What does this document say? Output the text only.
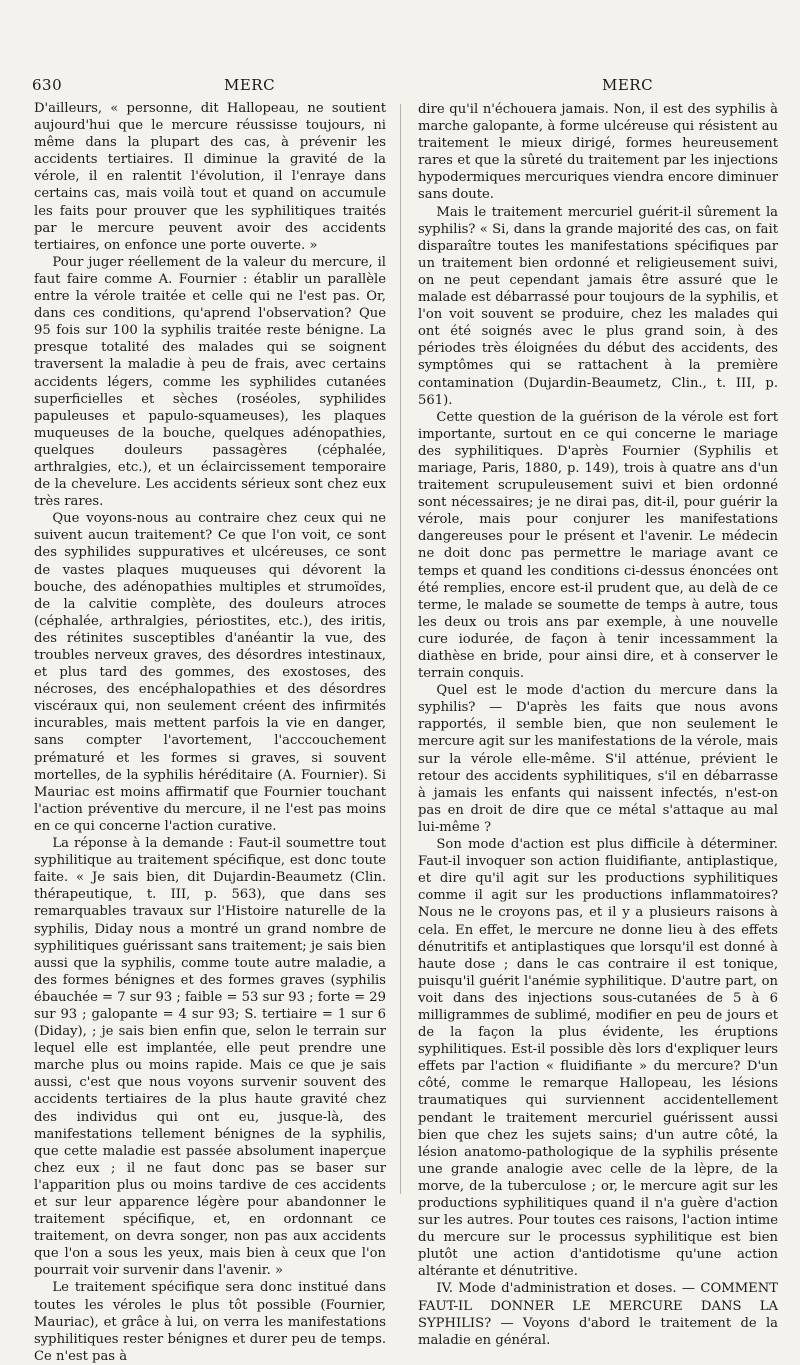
630	MERC	MERC

D'ailleurs, « personne, dit Hallopeau, ne soutient aujourd'hui que le mercure réussisse toujours, ni même dans la plupart des cas, à prévenir les accidents tertiaires. Il diminue la gravité de la vérole, il en ralentit l'évolution, il l'enraye dans certains cas, mais voilà tout et quand on accumule les faits pour prouver que les syphilitiques traités par le mercure peuvent avoir des accidents tertiaires, on enfonce une porte ouverte. »

Pour juger réellement de la valeur du mercure, il faut faire comme A. Fournier : établir un parallèle entre la vérole traitée et celle qui ne l'est pas. Or, dans ces conditions, qu'aprend l'observation? Que 95 fois sur 100 la syphilis traitée reste bénigne. La presque totalité des malades qui se soignent traversent la maladie à peu de frais, avec certains accidents légers, comme les syphilides cutanées superficielles et sèches (roséoles, syphilides papuleuses et papulo-squameuses), les plaques muqueuses de la bouche, quelques adénopathies, quelques douleurs passagères (céphalée, arthralgies, etc.), et un éclaircissement temporaire de la chevelure. Les accidents sérieux sont chez eux très rares.

Que voyons-nous au contraire chez ceux qui ne suivent aucun traitement? Ce que l'on voit, ce sont des syphilides suppuratives et ulcéreuses, ce sont de vastes plaques muqueuses qui dévorent la bouche, des adénopathies multiples et strumoïdes, de la calvitie complète, des douleurs atroces (céphalée, arthralgies, périostites, etc.), des iritis, des rétinites susceptibles d'anéantir la vue, des troubles nerveux graves, des désordres intestinaux, et plus tard des gommes, des exostoses, des nécroses, des encéphalopathies et des désordres viscéraux qui, non seulement créent des infirmités incurables, mais mettent parfois la vie en danger, sans compter l'avortement, l'acccouchement prématuré et les formes si graves, si souvent mortelles, de la syphilis héréditaire (A. Fournier). Si Mauriac est moins affirmatif que Fournier touchant l'action préventive du mercure, il ne l'est pas moins en ce qui concerne l'action curative.

La réponse à la demande : Faut-il soumettre tout syphilitique au traitement spécifique, est donc toute faite. « Je sais bien, dit Dujardin-Beaumetz (Clin. thérapeutique, t. III, p. 563), que dans ses remarquables travaux sur l'Histoire naturelle de la syphilis, Diday nous a montré un grand nombre de syphilitiques guérissant sans traitement; je sais bien aussi que la syphilis, comme toute autre maladie, a des formes bénignes et des formes graves (syphilis ébauchée = 7 sur 93 ; faible = 53 sur 93 ; forte = 29 sur 93 ; galopante = 4 sur 93; S. tertiaire = 1 sur 6 (Diday), ; je sais bien enfin que, selon le terrain sur lequel elle est implantée, elle peut prendre une marche plus ou moins rapide. Mais ce que je sais aussi, c'est que nous voyons survenir souvent des accidents tertiaires de la plus haute gravité chez des individus qui ont eu, jusque-là, des manifestations tellement bénignes de la syphilis, que cette maladie est passée absolument inaperçue chez eux ; il ne faut donc pas se baser sur l'apparition plus ou moins tardive de ces accidents et sur leur apparence légère pour abandonner le traitement spécifique, et, en ordonnant ce traitement, on devra songer, non pas aux accidents que l'on a sous les yeux, mais bien à ceux que l'on pourrait voir survenir dans l'avenir. »

Le traitement spécifique sera donc institué dans toutes les véroles le plus tôt possible (Fournier, Mauriac), et grâce à lui, on verra les manifestations syphilitiques rester bénignes et durer peu de temps. Ce n'est pas à

dire qu'il n'échouera jamais. Non, il est des syphilis à marche galopante, à forme ulcéreuse qui résistent au traitement le mieux dirigé, formes heureusement rares et que la sûreté du traitement par les injections hypodermiques mercuriques viendra encore diminuer sans doute.

Mais le traitement mercuriel guérit-il sûrement la syphilis? « Si, dans la grande majorité des cas, on fait disparaître toutes les manifestations spécifiques par un traitement bien ordonné et religieusement suivi, on ne peut cependant jamais être assuré que le malade est débarrassé pour toujours de la syphilis, et l'on voit souvent se produire, chez les malades qui ont été soignés avec le plus grand soin, à des périodes très éloignées du début des accidents, des symptômes qui se rattachent à la première contamination (Dujardin-Beaumetz, Clin., t. III, p. 561).

Cette question de la guérison de la vérole est fort importante, surtout en ce qui concerne le mariage des syphilitiques. D'après Fournier (Syphilis et mariage, Paris, 1880, p. 149), trois à quatre ans d'un traitement scrupuleusement suivi et bien ordonné sont nécessaires; je ne dirai pas, dit-il, pour guérir la vérole, mais pour conjurer les manifestations dangereuses pour le présent et l'avenir. Le médecin ne doit donc pas permettre le mariage avant ce temps et quand les conditions ci-dessus énoncées ont été remplies, encore est-il prudent que, au delà de ce terme, le malade se soumette de temps à autre, tous les deux ou trois ans par exemple, à une nouvelle cure iodurée, de façon à tenir incessamment la diathèse en bride, pour ainsi dire, et à conserver le terrain conquis.

Quel est le mode d'action du mercure dans la syphilis? — D'après les faits que nous avons rapportés, il semble bien, que non seulement le mercure agit sur les manifestations de la vérole, mais sur la vérole elle-même. S'il atténue, prévient le retour des accidents syphilitiques, s'il en débarrasse à jamais les enfants qui naissent infectés, n'est-on pas en droit de dire que ce métal s'attaque au mal lui-même ?

Son mode d'action est plus difficile à déterminer. Faut-il invoquer son action fluidifiante, antiplastique, et dire qu'il agit sur les productions syphilitiques comme il agit sur les productions inflammatoires? Nous ne le croyons pas, et il y a plusieurs raisons à cela. En effet, le mercure ne donne lieu à des effets dénutritifs et antiplastiques que lorsqu'il est donné à haute dose ; dans le cas contraire il est tonique, puisqu'il guérit l'anémie syphilitique. D'autre part, on voit dans des injections sous-cutanées de 5 à 6 milligrammes de sublimé, modifier en peu de jours et de la façon la plus évidente, les éruptions syphilitiques. Est-il possible dès lors d'expliquer leurs effets par l'action « fluidifiante » du mercure? D'un côté, comme le remarque Hallopeau, les lésions traumatiques qui surviennent accidentellement pendant le traitement mercuriel guérissent aussi bien que chez les sujets sains; d'un autre côté, la lésion anatomo-pathologique de la syphilis présente une grande analogie avec celle de la lèpre, de la morve, de la tuberculose ; or, le mercure agit sur les productions syphilitiques quand il n'a guère d'action sur les autres. Pour toutes ces raisons, l'action intime du mercure sur le processus syphilitique est bien plutôt une action d'antidotisme qu'une action altérante et dénutritive.

IV. Mode d'administration et doses. — COMMENT FAUT-IL DONNER LE MERCURE DANS LA SYPHILIS? — Voyons d'abord le traitement de la maladie en général.
